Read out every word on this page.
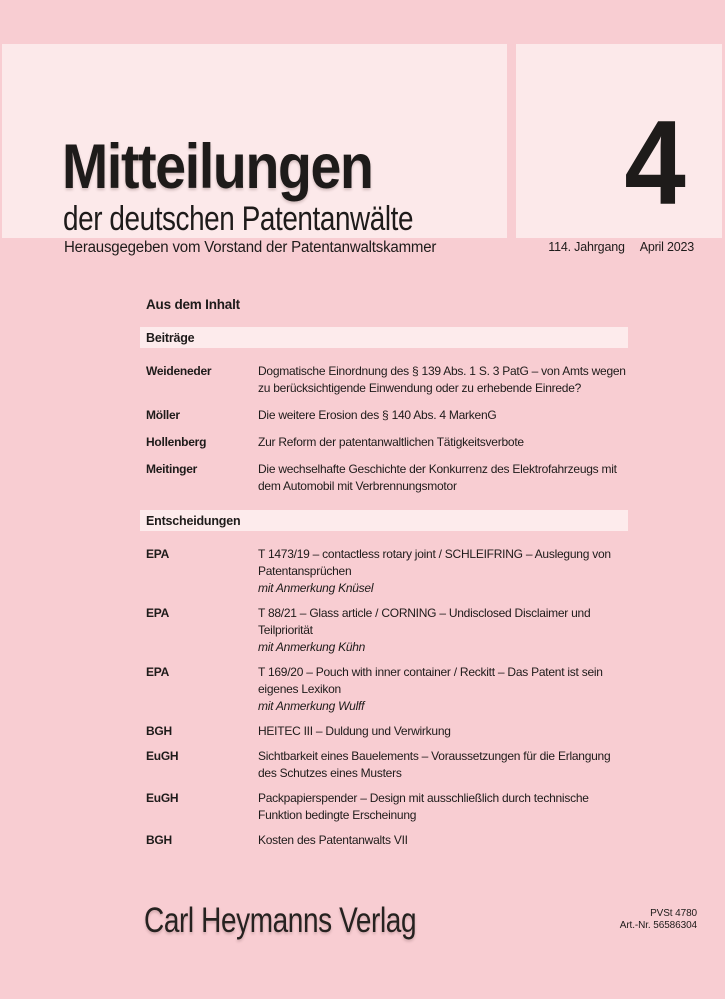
Mitteilungen
der deutschen Patentanwälte
Herausgegeben vom Vorstand der Patentanwaltskammer
4
114. Jahrgang April 2023
Aus dem Inhalt
Beiträge
Weideneder	Dogmatische Einordnung des § 139 Abs. 1 S. 3 PatG – von Amts wegen zu berücksichtigende Einwendung oder zu erhebende Einrede?
Möller	Die weitere Erosion des § 140 Abs. 4 MarkenG
Hollenberg	Zur Reform der patentanwaltlichen Tätigkeitsverbote
Meitinger	Die wechselhafte Geschichte der Konkurrenz des Elektrofahrzeugs mit dem Automobil mit Verbrennungsmotor
Entscheidungen
EPA	T 1473/19 – contactless rotary joint / SCHLEIFRING – Auslegung von Patentansprüchen
mit Anmerkung Knüsel
EPA	T 88/21 – Glass article / CORNING – Undisclosed Disclaimer und Teilpriorität
mit Anmerkung Kühn
EPA	T 169/20 – Pouch with inner container / Reckitt – Das Patent ist sein eigenes Lexikon
mit Anmerkung Wulff
BGH	HEITEC III – Duldung und Verwirkung
EuGH	Sichtbarkeit eines Bauelements – Voraussetzungen für die Erlangung des Schutzes eines Musters
EuGH	Packpapierspender – Design mit ausschließlich durch technische Funktion bedingte Erscheinung
BGH	Kosten des Patentanwalts VII
Carl Heymanns Verlag	PVSt 4780
Art.-Nr. 56586304
